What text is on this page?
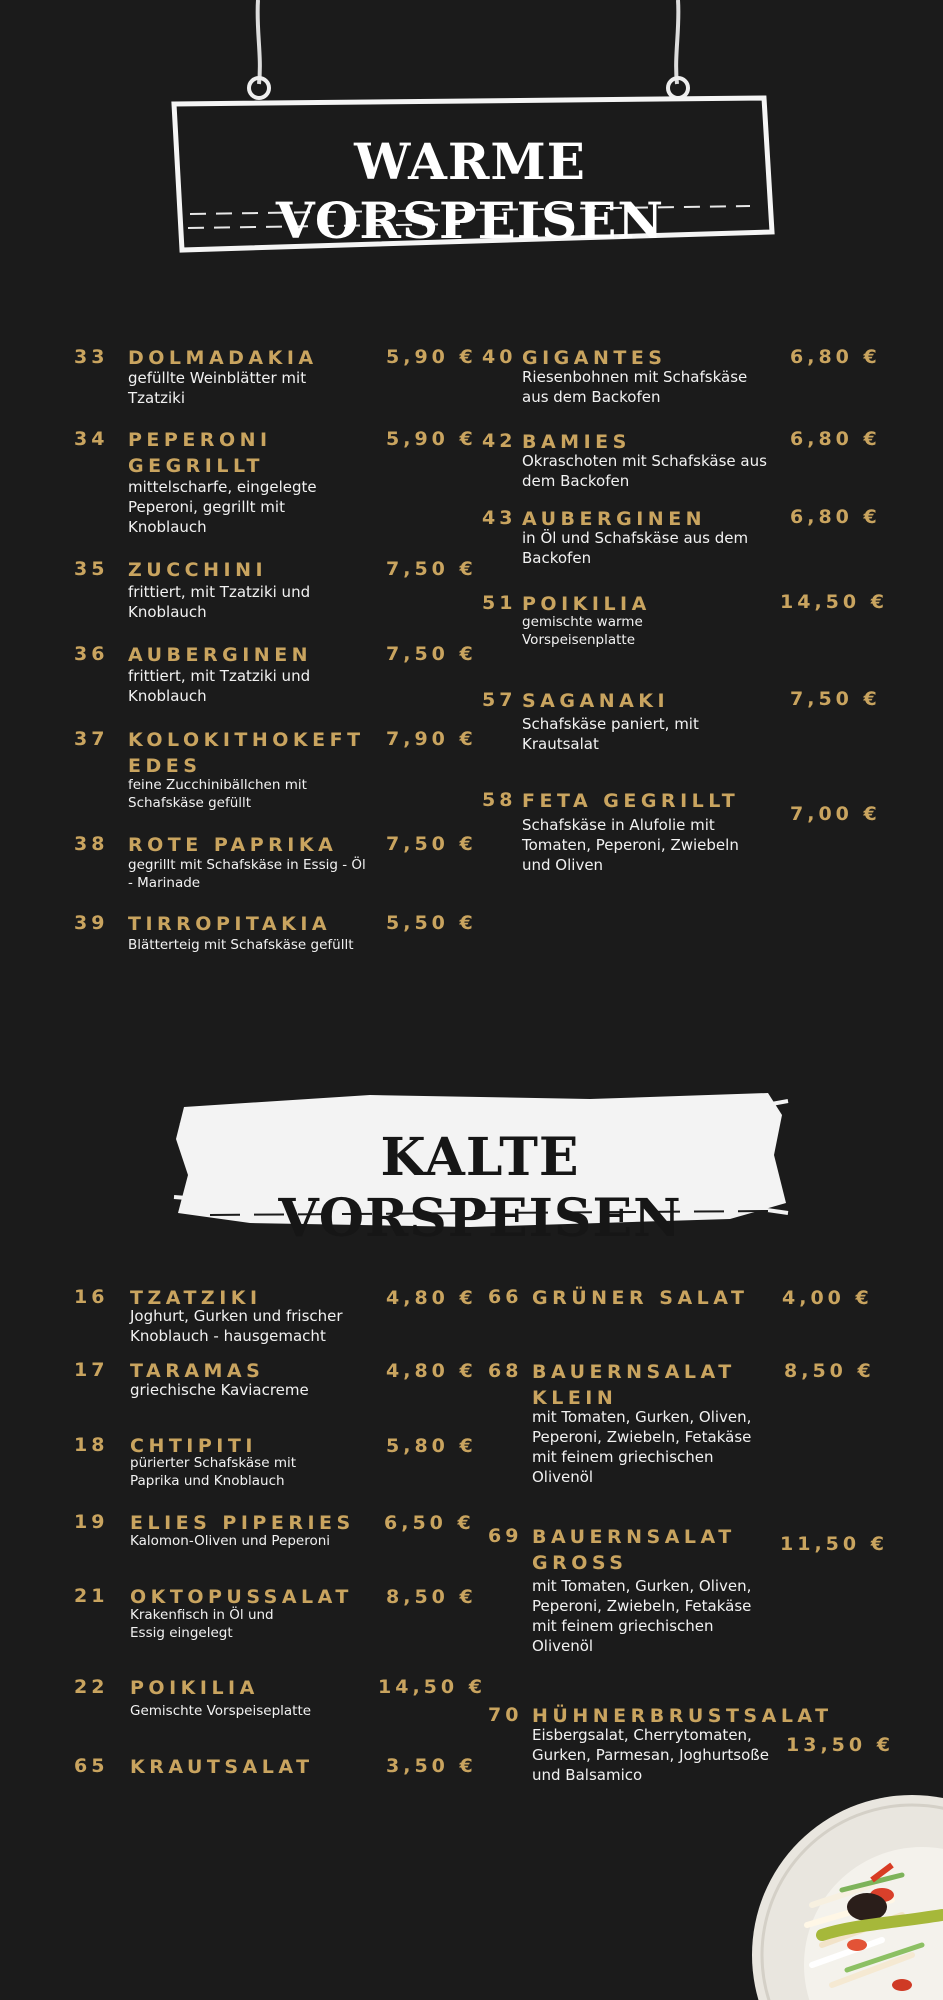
WARME VORSPEISEN
33 DOLMADAKIA
gefüllte Weinblätter mit Tzatziki
5,90 €
34 PEPERONI GEGRILLT
mittelscharfe, eingelegte Peperoni, gegrillt mit Knoblauch
5,90 €
35 ZUCCHINI
frittiert, mit Tzatziki und Knoblauch
7,50 €
36 AUBERGINEN
frittiert, mit Tzatziki und Knoblauch
7,50 €
37 KOLOKITHOKEFTEDES
feine Zucchinibällchen mit Schafskäse gefüllt
7,90 €
38 ROTE PAPRIKA
gegrillt mit Schafskäse in Essig - Öl - Marinade
7,50 €
39 TIRROPITAKIA
Blätterteig mit Schafskäse gefüllt
5,50 €
40 GIGANTES
Riesenbohnen mit Schafskäse aus dem Backofen
6,80 €
42 BAMIES
Okraschoten mit Schafskäse aus dem Backofen
6,80 €
43 AUBERGINEN
in Öl und Schafskäse aus dem Backofen
6,80 €
51 POIKILIA
gemischte warme Vorspeisenplatte
14,50 €
57 SAGANAKI
Schafskäse paniert, mit Krautsalat
7,50 €
58 FETA GEGRILLT
Schafskäse in Alufolie mit Tomaten, Peperoni, Zwiebeln und Oliven
7,00 €
KALTE VORSPEISEN
16 TZATZIKI
Joghurt, Gurken und frischer Knoblauch - hausgemacht
4,80 €
17 TARAMAS
griechische Kaviacreme
4,80 €
18 CHTIPITI
pürierter Schafskäse mit Paprika und Knoblauch
5,80 €
19 ELIES PIPERIES
Kalomon-Oliven und Peperoni
6,50 €
21 OKTOPUSSALAT
Krakenfisch in Öl und Essig eingelegt
8,50 €
22 POIKILIA
Gemischte Vorspeiseplatte
14,50 €
65 KRAUTSALAT	3,50 €
66 GRÜNER SALAT	4,00 €
68 BAUERNSALAT KLEIN
mit Tomaten, Gurken, Oliven, Peperoni, Zwiebeln, Fetakäse mit feinem griechischen Olivenöl
8,50 €
69 BAUERNSALAT GROSS
mit Tomaten, Gurken, Oliven, Peperoni, Zwiebeln, Fetakäse mit feinem griechischen Olivenöl
11,50 €
70 HÜHNERBRUSTSALAT
Eisbergsalat, Cherrytomaten, Gurken, Parmesan, Joghurtsoße und Balsamico
13,50 €
